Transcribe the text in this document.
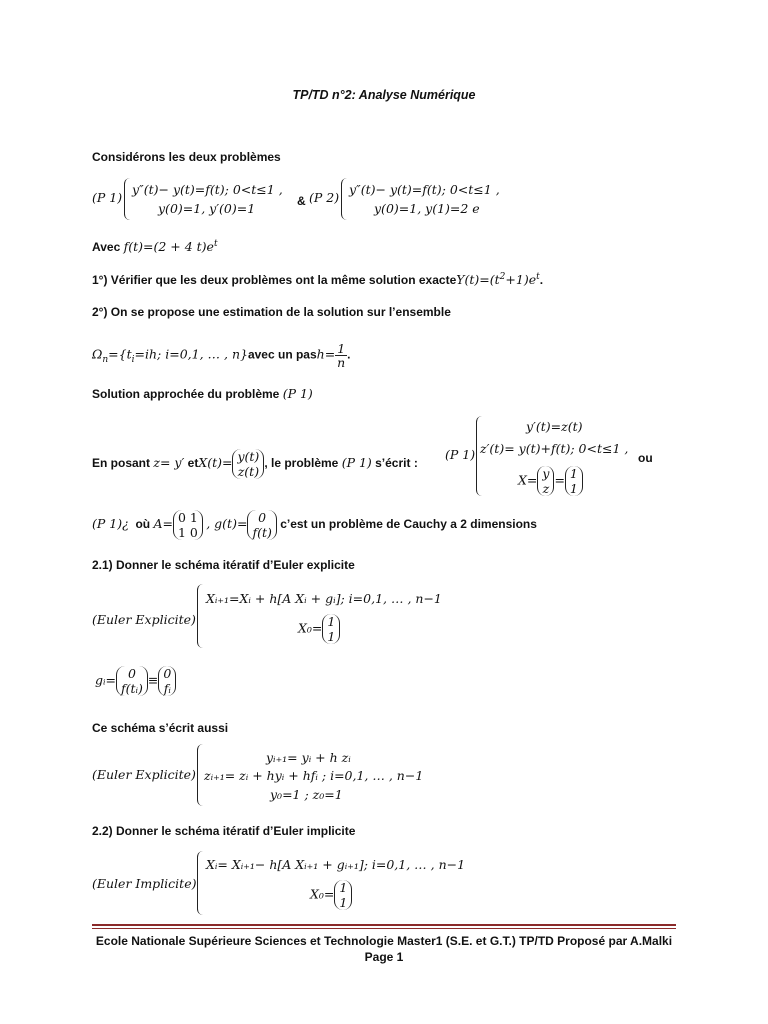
TP/TD n°2: Analyse Numérique
Considérons les deux problèmes
(P 1)
y″(t)− y(t)=f(t); 0<t≤1 ,
y(0)=1, y′(0)=1	& (P 2)
y″(t)− y(t)=f(t); 0<t≤1 ,
y(0)=1, y(1)=2 e
Avec f(t)=(2 + 4 $t)e^t$
1°) Vérifier que les deux problèmes ont la même solution $exacteY(t)=(t^2+1)e^t$.
2°) On se propose une estimation de la solution sur l’ensemble
$\Omega_n=\{t_i=ih$; i=0,1, … , n}avec un pash= $\frac{1}{n}$.
Solution approchée du problème (P 1)
En posant z= y′ etX(t)= y(t)
z(t), le problème (P 1) s’écrit :
(P 1)
y′(t)=z(t)
z′(t)= y(t)+f(t); 0<t≤1 ,
X= y
z= 1
1
ou
(P 1)¿ où A= 0 1
1 0 , g(t)= 0
f(t) c’est un problème de Cauchy a 2 dimensions
2.1) Donner le schéma itératif d’Euler explicite
(Euler Explicite)
Xᵢ₊₁=Xᵢ + h[A Xᵢ + gᵢ]; i=0,1, … , n−1
X₀= 1
1
gᵢ= 0
f(tᵢ)≡ 0
fᵢ
Ce schéma s’écrit aussi
(Euler Explicite)
yᵢ₊₁= yᵢ + h zᵢ
zᵢ₊₁= zᵢ + hyᵢ + hfᵢ ; i=0,1, … , n−1
y₀=1 ; z₀=1
2.2) Donner le schéma itératif d’Euler implicite
(Euler Implicite)
Xᵢ= Xᵢ₊₁− h[A Xᵢ₊₁ + gᵢ₊₁]; i=0,1, … , n−1
X₀= 1
1
Ecole Nationale Supérieure Sciences et Technologie Master1 (S.E. et G.T.) TP/TD Proposé par A.Malki
Page 1
